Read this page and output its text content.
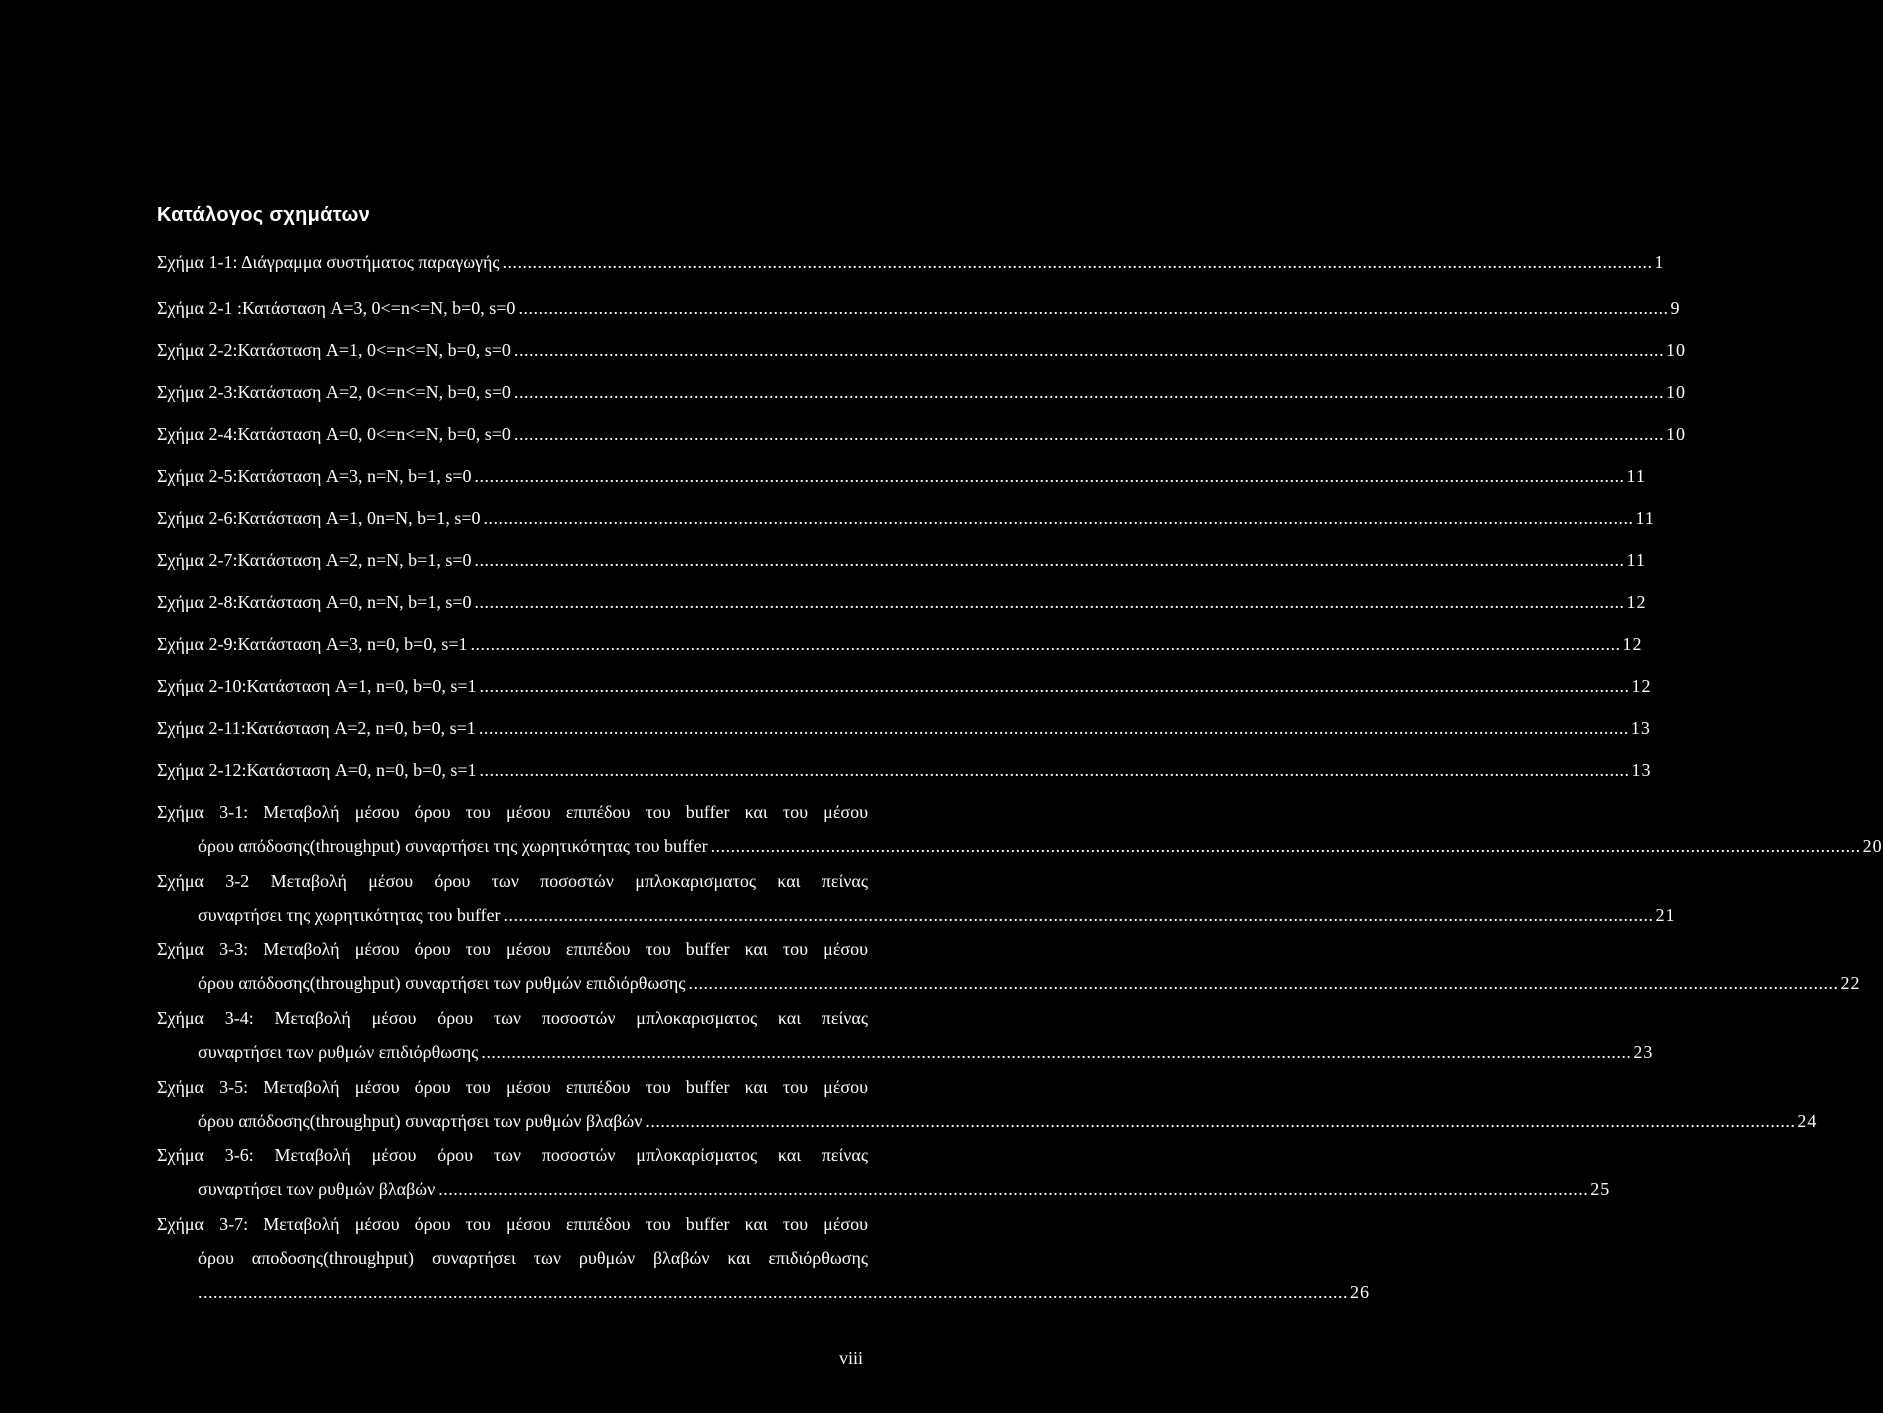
Κατάλογος σχημάτων
Σχήμα 1-1: Διάγραμμα συστήματος παραγωγής ...................................................................................................................................................................................................................................... 1
Σχήμα 2-1 :Κατάσταση A=3, 0<=n<=N, b=0, s=0 ...................................................................................................................................................................................................................................... 9
Σχήμα 2-2:Κατάσταση A=1, 0<=n<=N, b=0, s=0 ...................................................................................................................................................................................................................................... 10
Σχήμα 2-3:Κατάσταση A=2, 0<=n<=N, b=0, s=0 ...................................................................................................................................................................................................................................... 10
Σχήμα 2-4:Κατάσταση A=0, 0<=n<=N, b=0, s=0 ...................................................................................................................................................................................................................................... 10
Σχήμα 2-5:Κατάσταση A=3, n=N, b=1, s=0 ...................................................................................................................................................................................................................................... 11
Σχήμα 2-6:Κατάσταση A=1, 0n=N, b=1, s=0 ...................................................................................................................................................................................................................................... 11
Σχήμα 2-7:Κατάσταση A=2, n=N, b=1, s=0 ...................................................................................................................................................................................................................................... 11
Σχήμα 2-8:Κατάσταση A=0, n=N, b=1, s=0 ...................................................................................................................................................................................................................................... 12
Σχήμα 2-9:Κατάσταση A=3, n=0, b=0, s=1 ...................................................................................................................................................................................................................................... 12
Σχήμα 2-10:Κατάσταση A=1, n=0, b=0, s=1 ...................................................................................................................................................................................................................................... 12
Σχήμα 2-11:Κατάσταση A=2, n=0, b=0, s=1 ...................................................................................................................................................................................................................................... 13
Σχήμα 2-12:Κατάσταση A=0, n=0, b=0, s=1 ...................................................................................................................................................................................................................................... 13
Σχήμα 3-1: Μεταβολή μέσου όρου του μέσου επιπέδου του buffer και του μέσου
όρου απόδοσης(throughput) συναρτήσει της χωρητικότητας του buffer ...................................................................................................................................................................................................................................... 20
Σχήμα 3-2 Μεταβολή μέσου όρου των ποσοστών μπλοκαρισματος και πείνας
συναρτήσει της χωρητικότητας του buffer ...................................................................................................................................................................................................................................... 21
Σχήμα 3-3: Μεταβολή μέσου όρου του μέσου επιπέδου του buffer και του μέσου
όρου απόδοσης(throughput) συναρτήσει των ρυθμών επιδιόρθωσης ...................................................................................................................................................................................................................................... 22
Σχήμα 3-4: Μεταβολή μέσου όρου των ποσοστών μπλοκαρισματος και πείνας
συναρτήσει των ρυθμών επιδιόρθωσης ...................................................................................................................................................................................................................................... 23
Σχήμα 3-5: Μεταβολή μέσου όρου του μέσου επιπέδου του buffer και του μέσου
όρου απόδοσης(throughput) συναρτήσει των ρυθμών βλαβών ...................................................................................................................................................................................................................................... 24
Σχήμα 3-6: Μεταβολή μέσου όρου των ποσοστών μπλοκαρίσματος και πείνας
συναρτήσει των ρυθμών βλαβών ...................................................................................................................................................................................................................................... 25
Σχήμα 3-7: Μεταβολή μέσου όρου του μέσου επιπέδου του buffer και του μέσου
όρου αποδοσης(throughput) συναρτήσει των ρυθμών βλαβών και επιδιόρθωσης
...................................................................................................................................................................................................................................... 26
viii
